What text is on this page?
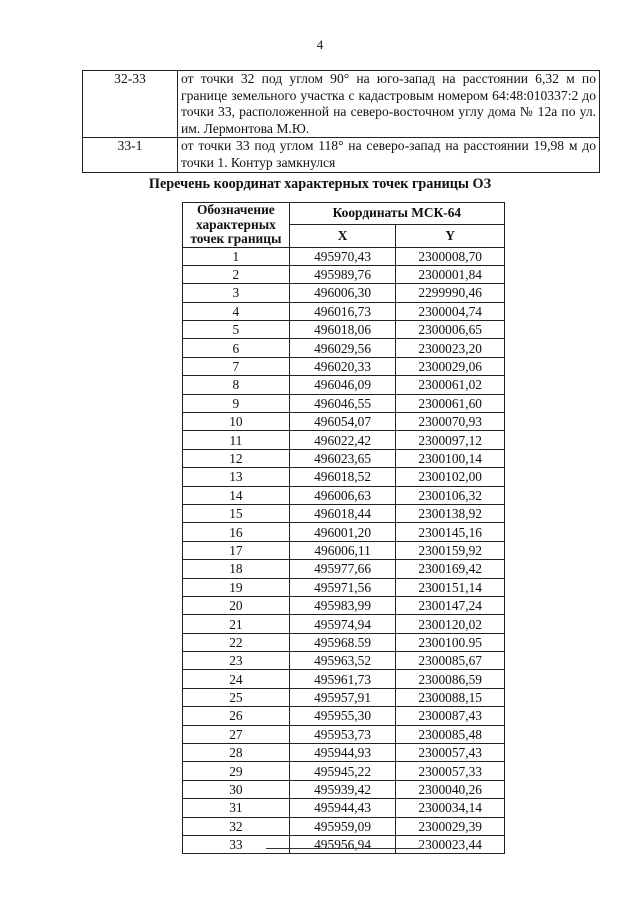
4
32-33	от точки 32 под углом 90° на юго-запад на расстоянии 6,32 м по границе земельного участка с кадастровым номером 64:48:010337:2 до точки 33, расположенной на северо-восточном углу дома № 12а по ул. им. Лермонтова М.Ю.
33-1	от точки 33 под углом 118° на северо-запад на расстоянии 19,98 м до точки 1. Контур замкнулся
Перечень координат характерных точек границы ОЗ
Обозначение характерных точек границы	Координаты МСК-64	
	X	Y
1	495970,43	2300008,70
2	495989,76	2300001,84
3	496006,30	2299990,46
4	496016,73	2300004,74
5	496018,06	2300006,65
6	496029,56	2300023,20
7	496020,33	2300029,06
8	496046,09	2300061,02
9	496046,55	2300061,60
10	496054,07	2300070,93
11	496022,42	2300097,12
12	496023,65	2300100,14
13	496018,52	2300102,00
14	496006,63	2300106,32
15	496018,44	2300138,92
16	496001,20	2300145,16
17	496006,11	2300159,92
18	495977,66	2300169,42
19	495971,56	2300151,14
20	495983,99	2300147,24
21	495974,94	2300120,02
22	495968.59	2300100.95
23	495963,52	2300085,67
24	495961,73	2300086,59
25	495957,91	2300088,15
26	495955,30	2300087,43
27	495953,73	2300085,48
28	495944,93	2300057,43
29	495945,22	2300057,33
30	495939,42	2300040,26
31	495944,43	2300034,14
32	495959,09	2300029,39
33	495956,94	2300023,44
